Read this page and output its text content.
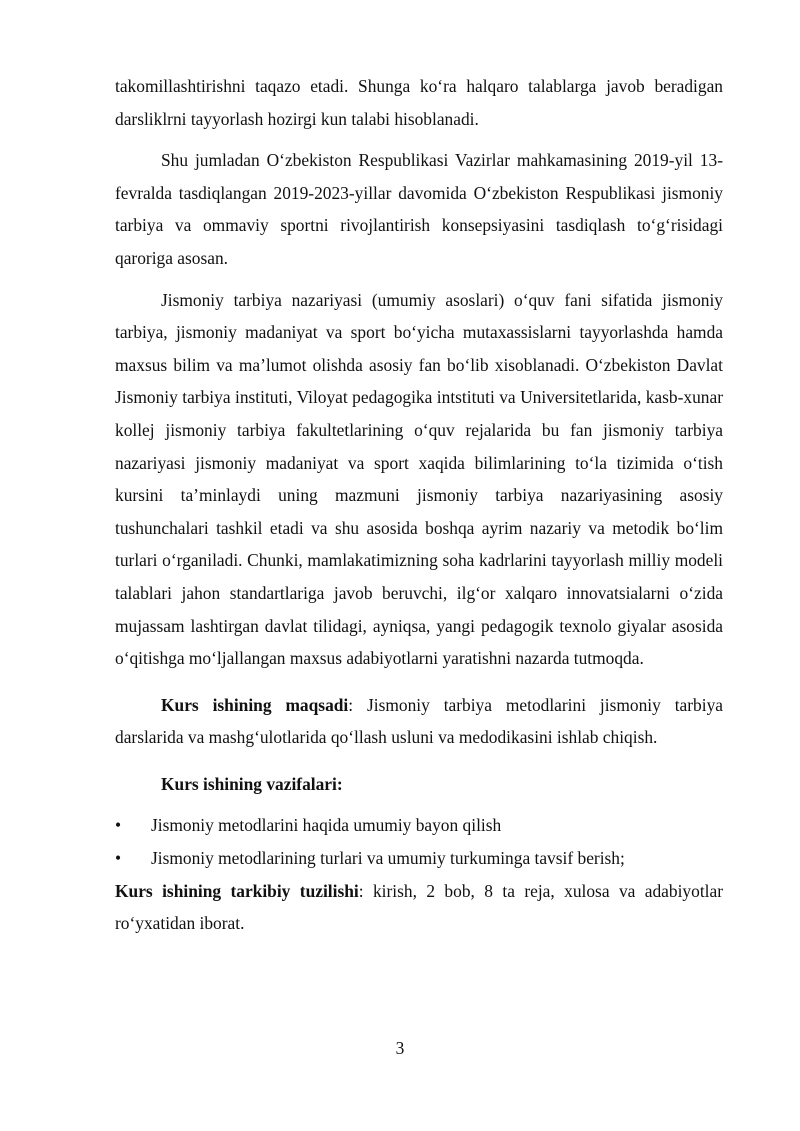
takomillashtirishni taqazo etadi. Shunga ko‘ra halqaro talablarga javob beradigan darsliklrni tayyorlash hozirgi kun talabi hisoblanadi.

Shu jumladan O‘zbekiston Respublikasi Vazirlar mahkamasining 2019-yil 13-fevralda tasdiqlangan 2019-2023-yillar davomida O‘zbekiston Respublikasi jismoniy tarbiya va ommaviy sportni rivojlantirish konsepsiyasini tasdiqlash to‘g‘risidagi qaroriga asosan.

Jismoniy tarbiya nazariyasi (umumiy asoslari) o‘quv fani sifatida jismoniy tarbiya, jismoniy madaniyat va sport bo‘yicha mutaxassislarni tayyorlashda hamda maxsus bilim va ma’lumot olishda asosiy fan bo‘lib xisoblanadi. O‘zbekiston Davlat Jismoniy tarbiya instituti, Viloyat pedagogika intstituti va Universitetlarida, kasb-xunar kollej jismoniy tarbiya fakultetlarining o‘quv rejalarida bu fan jismoniy tarbiya nazariyasi jismoniy madaniyat va sport xaqida bilimlarining to‘la tizimida o‘tish kursini ta’minlaydi uning mazmuni jismoniy tarbiya nazariyasining asosiy tushunchalari tashkil etadi va shu asosida boshqa ayrim nazariy va metodik bo‘lim turlari o‘rganiladi. Chunki, mamlakatimizning soha kadrlarini tayyorlash milliy modeli talablari jahon standartlariga javob beruvchi, ilg‘or xalqaro innovatsialarni o‘zida mujassam lashtirgan davlat tilidagi, ayniqsa, yangi pedagogik texnolo giyalar asosida o‘qitishga mo‘ljallangan maxsus adabiyotlarni yaratishni nazarda tutmoqda.

Kurs ishining maqsadi: Jismoniy tarbiya metodlarini jismoniy tarbiya darslarida va mashg‘ulotlarida qo‘llash usluni va medodikasini ishlab chiqish.

Kurs ishining vazifalari:

• Jismoniy metodlarini haqida umumiy bayon qilish

• Jismoniy metodlarining turlari va umumiy turkuminga tavsif berish;

Kurs ishining tarkibiy tuzilishi: kirish, 2 bob, 8 ta reja, xulosa va adabiyotlar ro‘yxatidan iborat.

3
